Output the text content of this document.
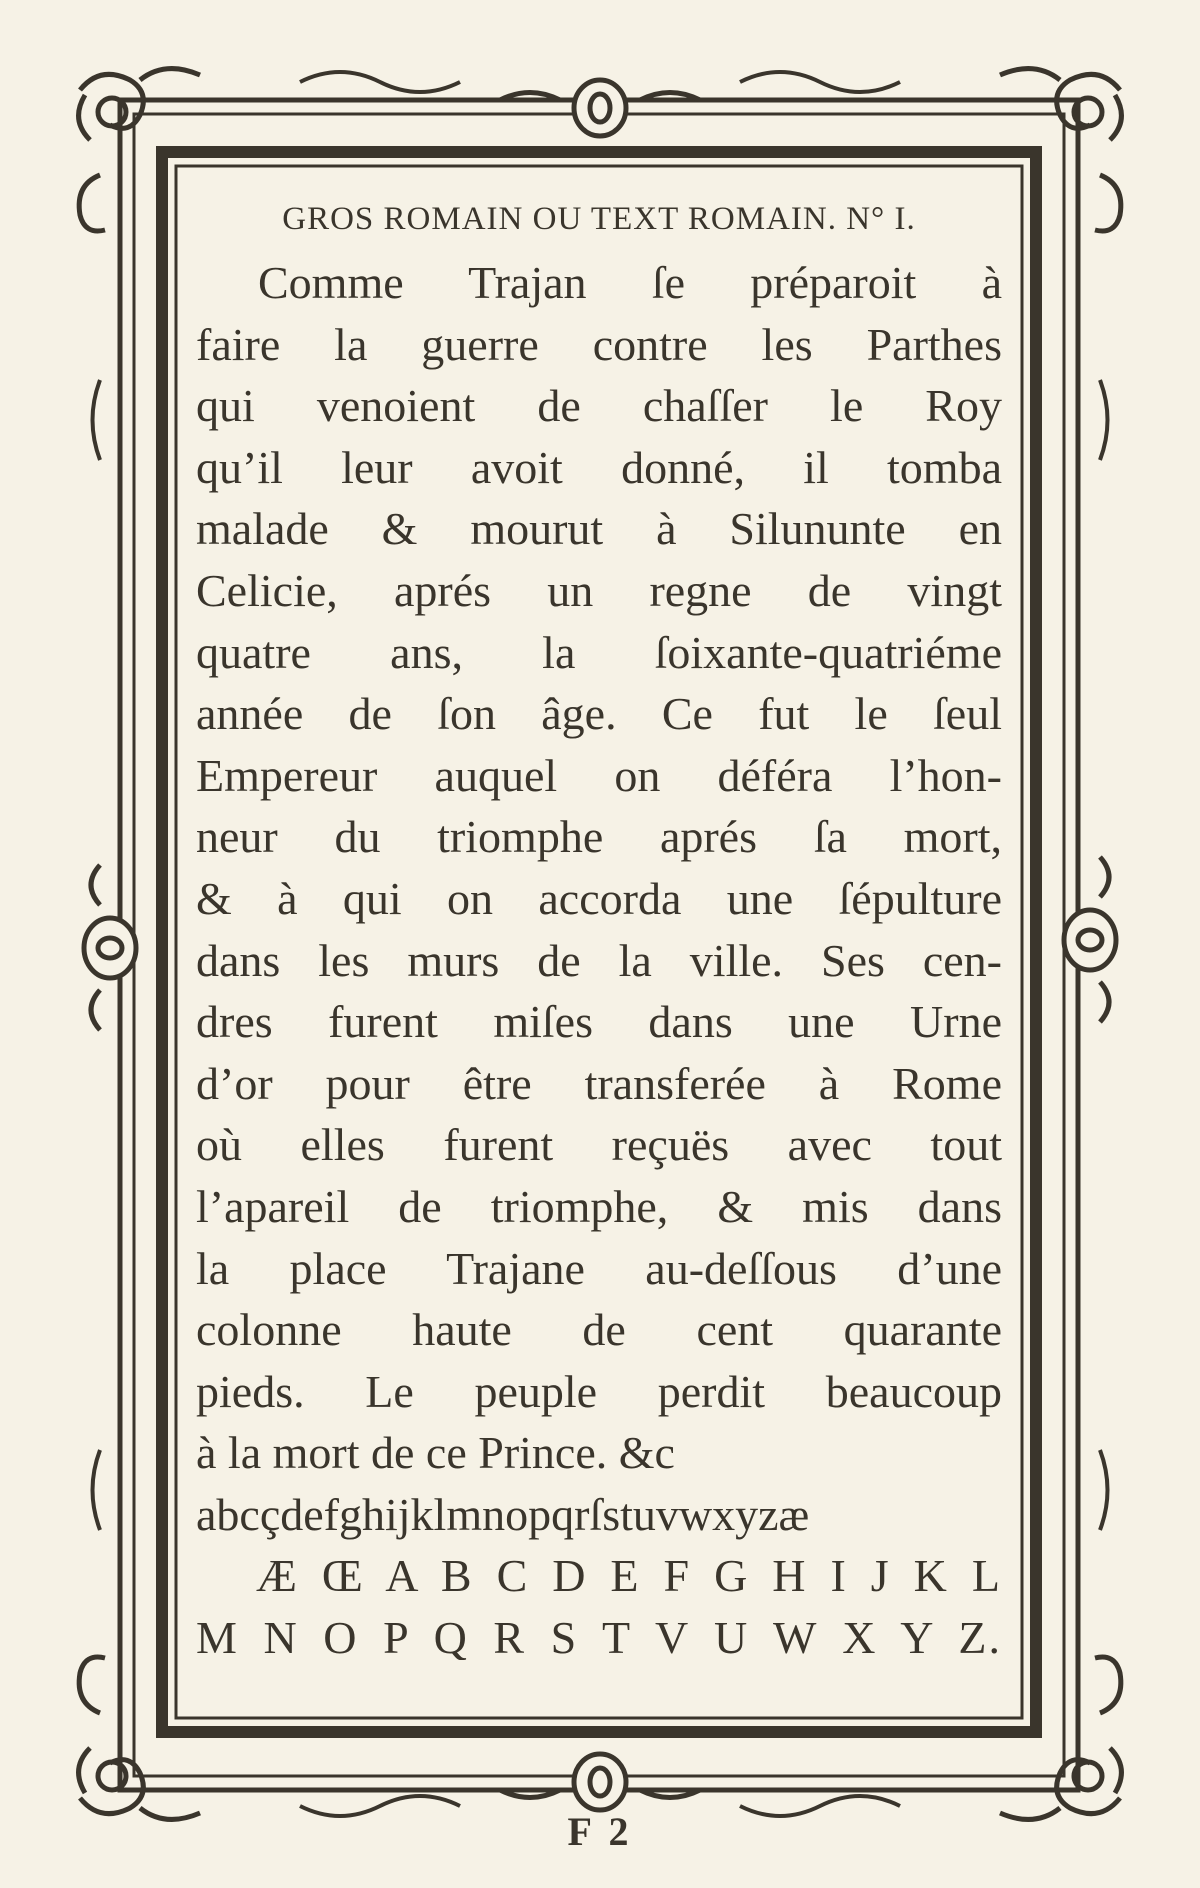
GROS ROMAIN OU TEXT ROMAIN. N° I.
Comme Trajan ſe préparoit à
faire la guerre contre les Parthes
qui venoient de chaſſer le Roy
qu’il leur avoit donné, il tomba
malade & mourut à Silununte en
Celicie, aprés un regne de vingt
quatre ans, la ſoixante-quatriéme
année de ſon âge. Ce fut le ſeul
Empereur auquel on déféra l’hon-
neur du triomphe aprés ſa mort,
& à qui on accorda une ſépulture
dans les murs de la ville. Ses cen-
dres furent miſes dans une Urne
d’or pour être transferée à Rome
où elles furent reçuës avec tout
l’apareil de triomphe, & mis dans
la place Trajane au-deſſous d’une
colonne haute de cent quarante
pieds. Le peuple perdit beaucoup
à la mort de ce Prince. &c
abcçdefghijklmnopqrſstuvwxyzæ
Æ Œ A B C D E F G H I J K L
M N O P Q R S T V U W X Y Z.
F 2
